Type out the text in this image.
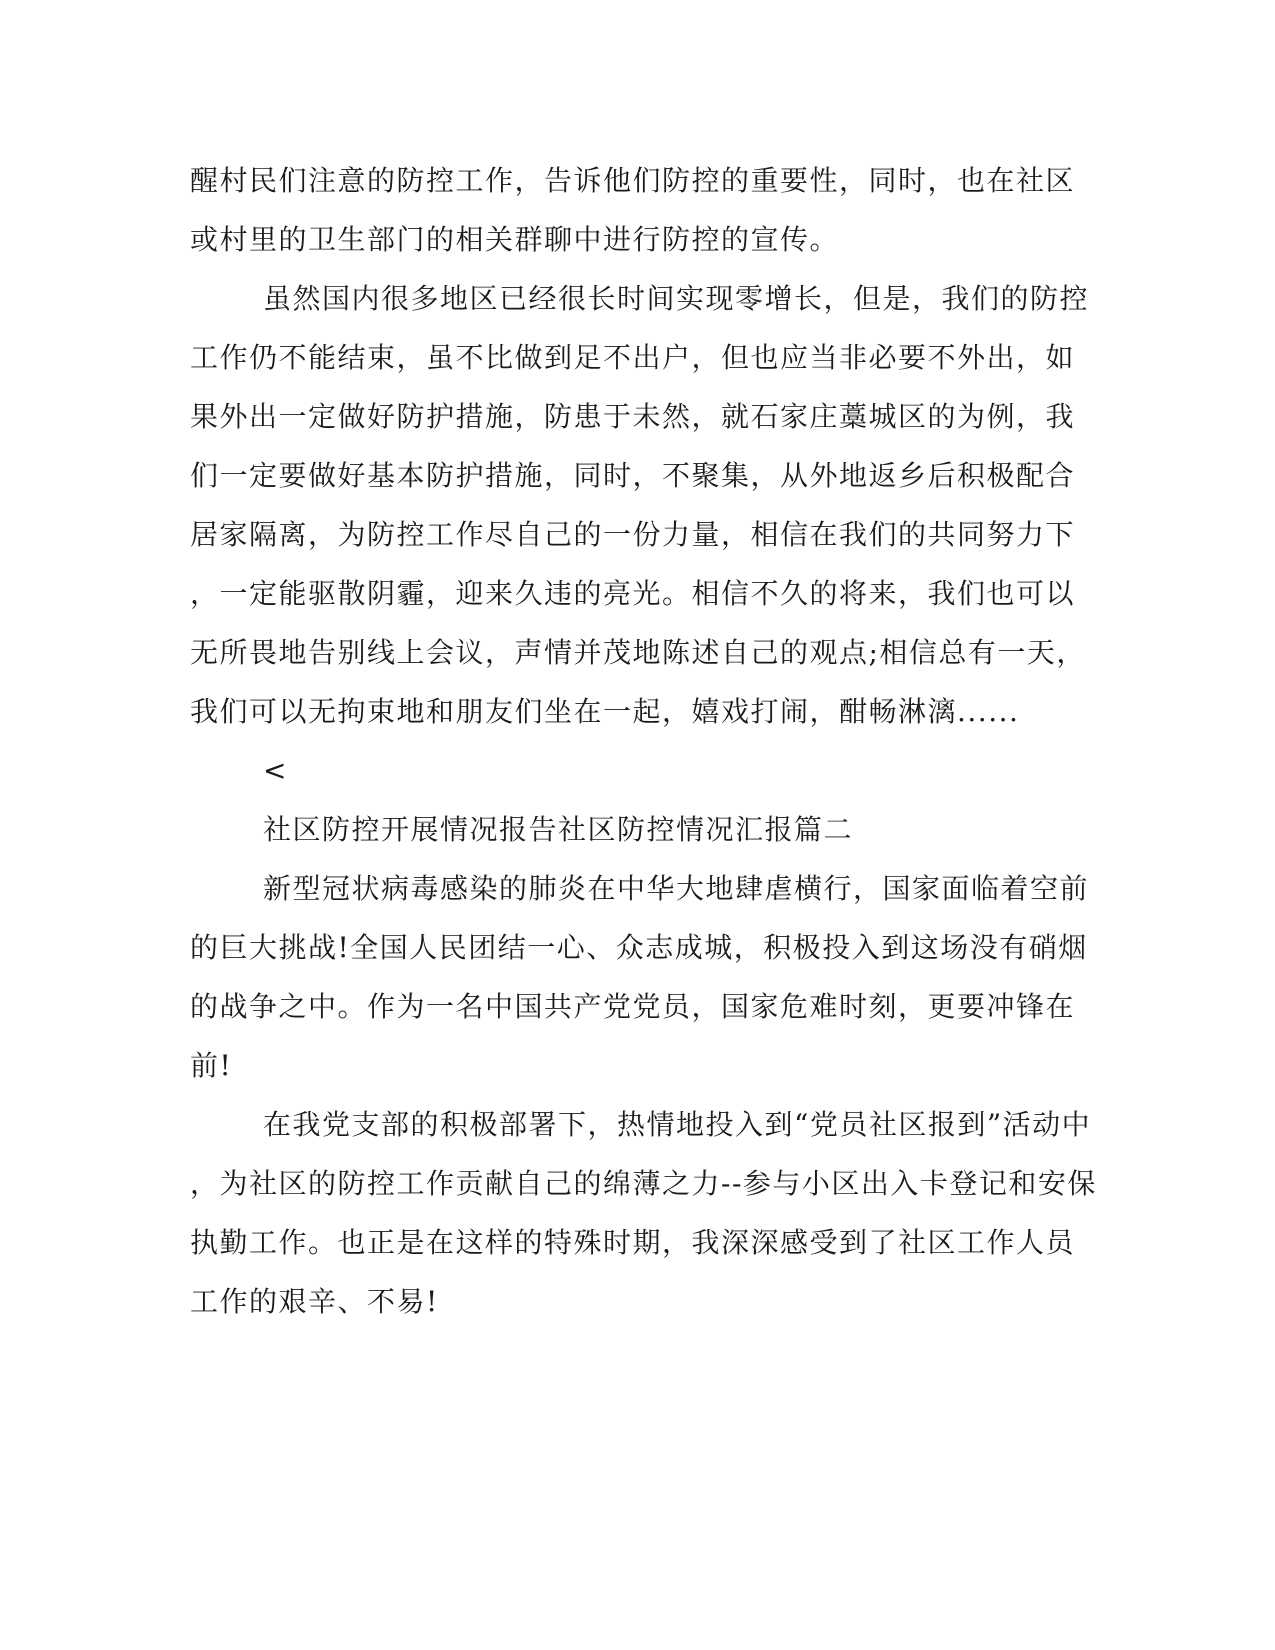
醒村民们注意的防控工作，告诉他们防控的重要性，同时，也在社区
或村里的卫生部门的相关群聊中进行防控的宣传。
虽然国内很多地区已经很长时间实现零增长，但是，我们的防控
工作仍不能结束，虽不比做到足不出户，但也应当非必要不外出，如
果外出一定做好防护措施，防患于未然，就石家庄藁城区的为例，我
们一定要做好基本防护措施，同时，不聚集，从外地返乡后积极配合
居家隔离，为防控工作尽自己的一份力量，相信在我们的共同努力下
，一定能驱散阴霾，迎来久违的亮光。相信不久的将来，我们也可以
无所畏地告别线上会议，声情并茂地陈述自己的观点;相信总有一天，
我们可以无拘束地和朋友们坐在一起，嬉戏打闹，酣畅淋漓......
<
社区防控开展情况报告社区防控情况汇报篇二
新型冠状病毒感染的肺炎在中华大地肆虐横行，国家面临着空前
的巨大挑战!全国人民团结一心、众志成城，积极投入到这场没有硝烟
的战争之中。作为一名中国共产党党员，国家危难时刻，更要冲锋在
前!
在我党支部的积极部署下，热情地投入到“党员社区报到”活动中
，为社区的防控工作贡献自己的绵薄之力--参与小区出入卡登记和安保
执勤工作。也正是在这样的特殊时期，我深深感受到了社区工作人员
工作的艰辛、不易!
